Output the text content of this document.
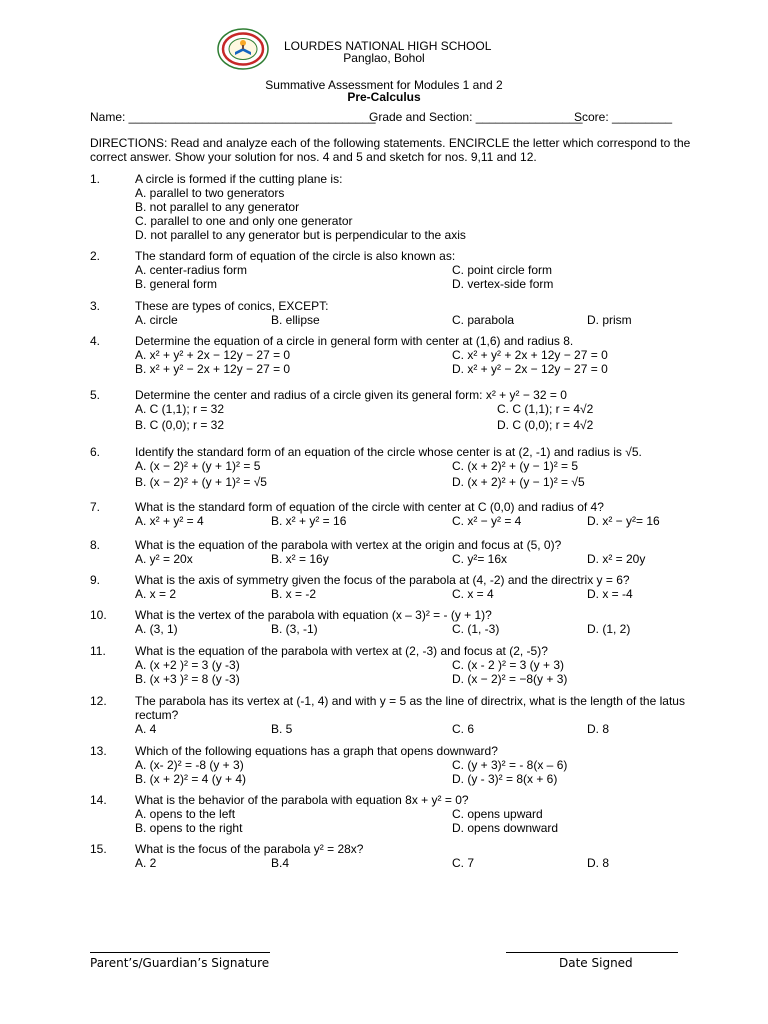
LOURDES NATIONAL HIGH SCHOOL
Panglao, Bohol
Summative Assessment for Modules 1 and 2
Pre-Calculus
Name: _____________________________________
Grade and Section: ________________
Score: _________
DIRECTIONS: Read and analyze each of the following statements. ENCIRCLE the letter which correspond to the
correct answer. Show your solution for nos. 4 and 5 and sketch for nos. 9,11 and 12.
1.	A circle is formed if the cutting plane is:
A. parallel to two generators
B. not parallel to any generator
C. parallel to one and only one generator
D. not parallel to any generator but is perpendicular to the axis
2.	The standard form of equation of the circle is also known as:
A. center-radius form	C. point circle form
B. general form	D. vertex-side form
3.	These are types of conics, EXCEPT:
A. circle	B. ellipse	C. parabola	D. prism
4.	Determine the equation of a circle in general form with center at (1,6) and radius 8.
A. x² + y² + 2x − 12y − 27 = 0	C. x² + y² + 2x + 12y − 27 = 0
B. x² + y² − 2x + 12y − 27 = 0	D. x² + y² − 2x − 12y − 27 = 0
5.	Determine the center and radius of a circle given its general form: x² + y² − 32 = 0
A. C (1,1); r = 32	C. C (1,1); r = 4√2
B. C (0,0); r = 32	D. C (0,0); r = 4√2
6.	Identify the standard form of an equation of the circle whose center is at (2, -1) and radius is √5.
A. (x − 2)² + (y + 1)² = 5	C. (x + 2)² + (y − 1)² = 5
B. (x − 2)² + (y + 1)² = √5	D. (x + 2)² + (y − 1)² = √5
7.	What is the standard form of equation of the circle with center at C (0,0) and radius of 4?
A. x² + y² = 4	B. x² + y² = 16	C. x² − y² = 4	D. x² − y²= 16
8.	What is the equation of the parabola with vertex at the origin and focus at (5, 0)?
A. y² = 20x	B. x² = 16y	C. y²= 16x	D. x² = 20y
9.	What is the axis of symmetry given the focus of the parabola at (4, -2) and the directrix y = 6?
A. x = 2	B. x = -2	C. x = 4	D. x = -4
10. What is the vertex of the parabola with equation (x – 3)² = - (y + 1)?
A. (3, 1)	B. (3, -1)	C. (1, -3)	D. (1, 2)
11. What is the equation of the parabola with vertex at (2, -3) and focus at (2, -5)?
A. (x +2 )² = 3 (y -3)	C. (x - 2 )² = 3 (y + 3)
B. (x +3 )² = 8 (y -3)	D. (x − 2)² = −8(y + 3)
12. The parabola has its vertex at (-1, 4) and with y = 5 as the line of directrix, what is the length of the latus
rectum?
A. 4	B. 5	C. 6	D. 8
13. Which of the following equations has a graph that opens downward?
A. (x- 2)² = -8 (y + 3)	C. (y + 3)² = - 8(x – 6)
B. (x + 2)² = 4 (y + 4)	D. (y - 3)² = 8(x + 6)
14. What is the behavior of the parabola with equation 8x + y² = 0?
A. opens to the left	C. opens upward
B. opens to the right	D. opens downward
15. What is the focus of the parabola y² = 28x?
A. 2	B.4	C. 7	D. 8
Parent’s/Guardian’s Signature	Date Signed
